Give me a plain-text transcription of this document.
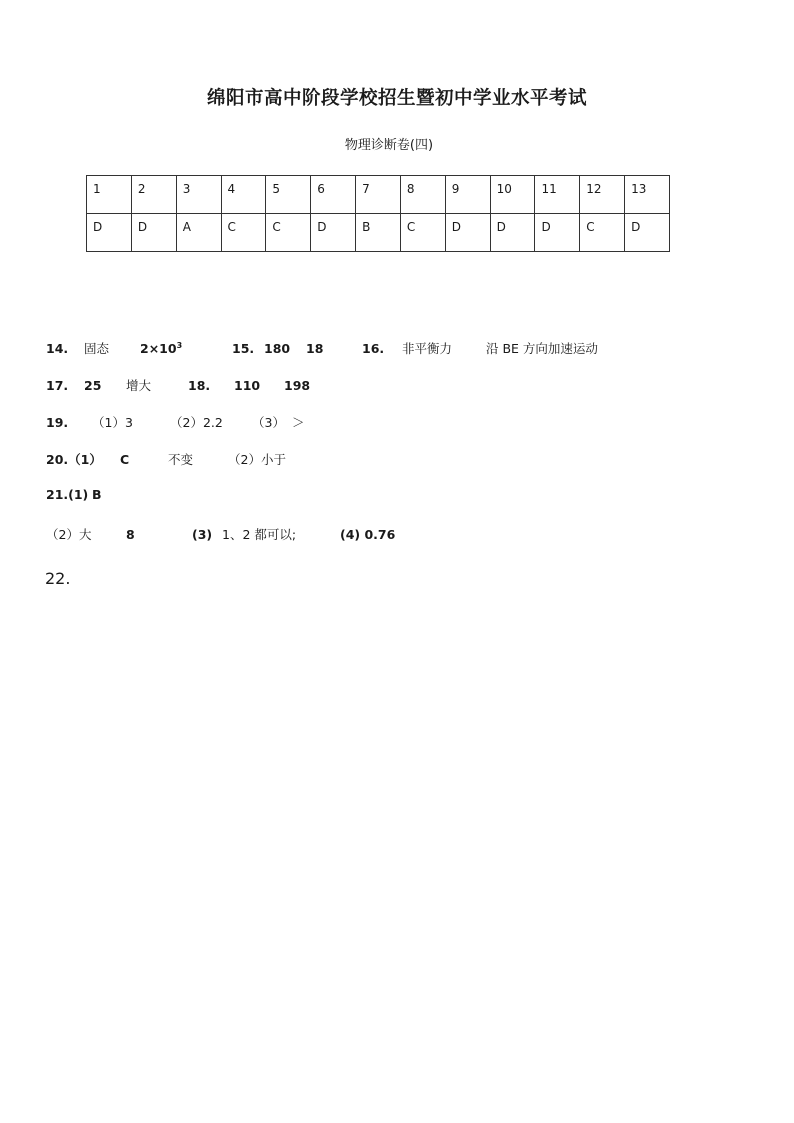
绵阳市高中阶段学校招生暨初中学业水平考试
物理诊断卷(四)
1	2	3	4	5	6	7	8	9	10	11	12	13
D	D	A	C	C	D	B	C	D	D	D	C	D
14. 固态 $2\times 10^3$	15. 180 18	16. 非平衡力	沿 BE 方向加速运动
17. 25 增大	18. 110 198
19. （1）3	（2）2.2 （3） ＞
20.（1） C	不变	（2）小于
21.(1) B
（2）大	8	(3) 1、2 都可以;	(4) 0.76
22.
